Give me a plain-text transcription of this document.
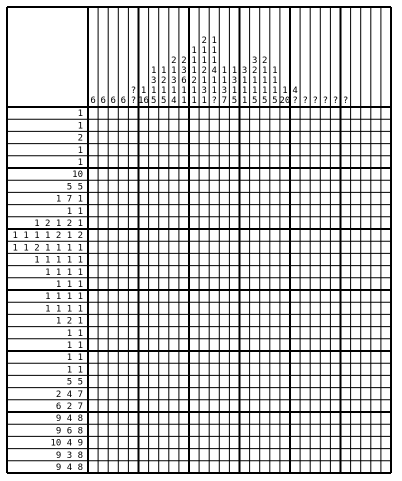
6 6 6 6
?
?
1
16
1
3
1
5
1
2
1
5
2
1
3
1
4
2
3
6
1
1
1
1
1
2
1
1
2
1
1
2
1
3
1
1
1
1
4
1
1
?
1
1
3
7
1
3
1
5
3
1
1
1
3
2
1
1
5
2
1
1
1
5
1
1
1
5
1
20
4
? ? ? ? ? ?
1
1
2
1
1
10
5 5
1 7 1
1 1
1 2 1 2 1
1 1 1 1 2 1 2
1 1 2 1 1 1 1
1 1 1 1 1
1 1 1 1
1 1 1
1 1 1 1
1 1 1 1
1 2 1
1 1
1 1
1 1
1 1
5 5
2 4 7
6 2 7
9 4 8
9 6 8
10 4 9
9 3 8
9 4 8
